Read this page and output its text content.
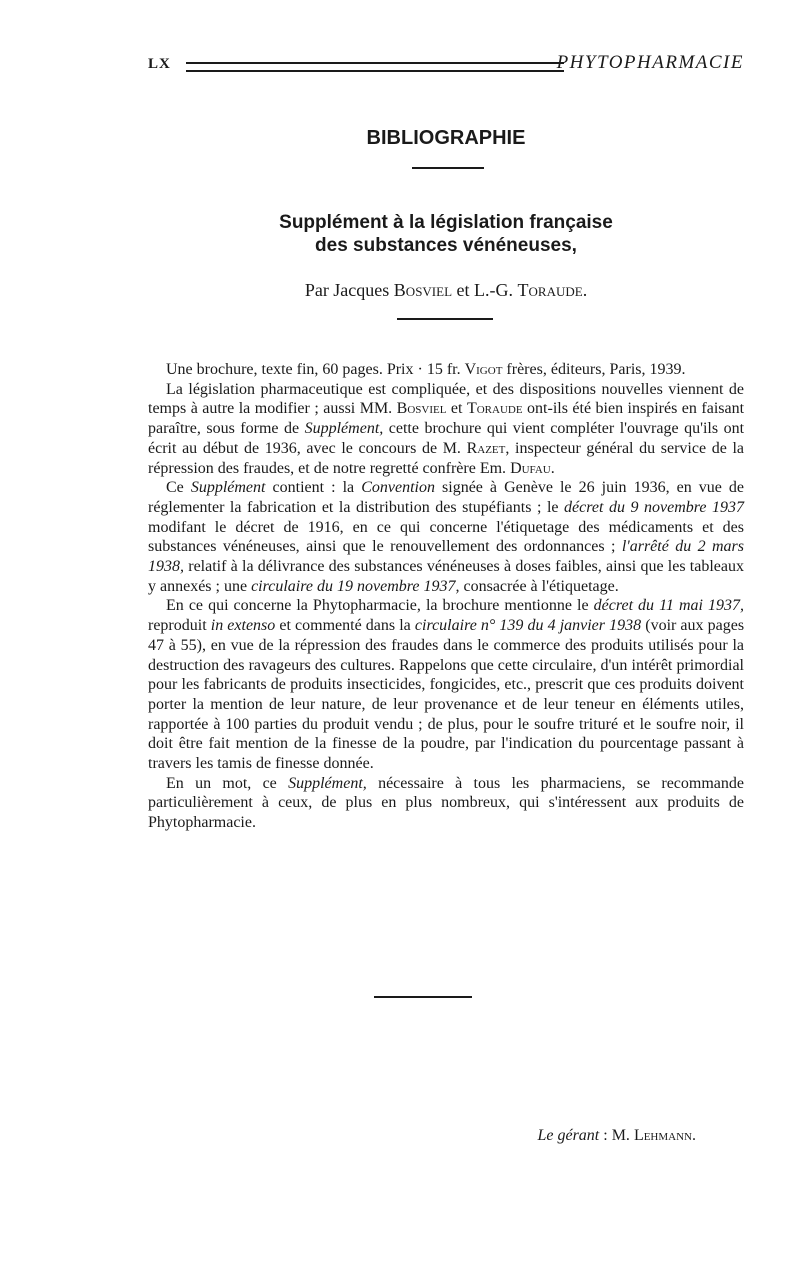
LX	PHYTOPHARMACIE
BIBLIOGRAPHIE
Supplément à la législation française
des substances vénéneuses,
Par Jacques Bosviel et L.-G. Toraude.

Une brochure, texte fin, 60 pages. Prix · 15 fr. Vigot frères, éditeurs, Paris, 1939.

La législation pharmaceutique est compliquée, et des dispositions nouvelles viennent de temps à autre la modifier ; aussi MM. Bosviel et Toraude ont-ils été bien inspirés en faisant paraître, sous forme de Supplément, cette brochure qui vient compléter l'ouvrage qu'ils ont écrit au début de 1936, avec le concours de M. Razet, inspecteur général du service de la répression des fraudes, et de notre regretté confrère Em. Dufau.

Ce Supplément contient : la Convention signée à Genève le 26 juin 1936, en vue de réglementer la fabrication et la distribution des stupéfiants ; le décret du 9 novembre 1937 modifant le décret de 1916, en ce qui concerne l'étiquetage des médicaments et des substances vénéneuses, ainsi que le renouvellement des ordonnances ; l'arrêté du 2 mars 1938, relatif à la délivrance des substances vénéneuses à doses faibles, ainsi que les tableaux y annexés ; une circulaire du 19 novembre 1937, consacrée à l'étiquetage.

En ce qui concerne la Phytopharmacie, la brochure mentionne le décret du 11 mai 1937, reproduit in extenso et commenté dans la circulaire n° 139 du 4 janvier 1938 (voir aux pages 47 à 55), en vue de la répression des fraudes dans le commerce des produits utilisés pour la destruction des ravageurs des cultures. Rappelons que cette circulaire, d'un intérêt primordial pour les fabricants de produits insecticides, fongicides, etc., prescrit que ces produits doivent porter la mention de leur nature, de leur provenance et de leur teneur en éléments utiles, rapportée à 100 parties du produit vendu ; de plus, pour le soufre trituré et le soufre noir, il doit être fait mention de la finesse de la poudre, par l'indication du pourcentage passant à travers les tamis de finesse donnée.

En un mot, ce Supplément, nécessaire à tous les pharmaciens, se recommande particulièrement à ceux, de plus en plus nombreux, qui s'intéressent aux produits de Phytopharmacie.

Le gérant : M. Lehmann.
